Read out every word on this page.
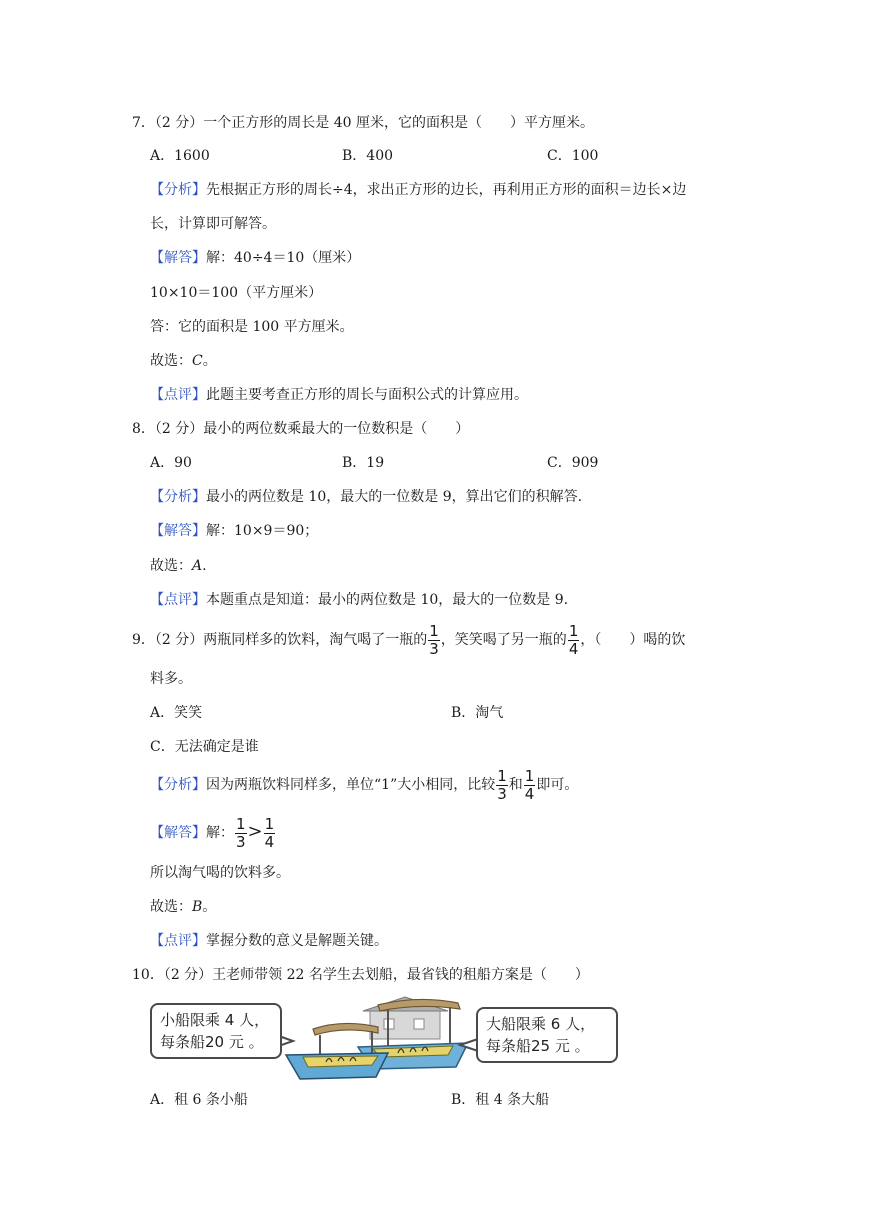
7．（2 分）一个正方形的周长是 40 厘米，它的面积是（　　）平方厘米。
A．1600	B．400	C．100
【分析】先根据正方形的周长÷4，求出正方形的边长，再利用正方形的面积＝边长×边
长，计算即可解答。
【解答】解：40÷4＝10（厘米）
10×10＝100（平方厘米）
答：它的面积是 100 平方厘米。
故选：C。
【点评】此题主要考查正方形的周长与面积公式的计算应用。
8．（2 分）最小的两位数乘最大的一位数积是（　　）
A．90	B．19	C．909
【分析】最小的两位数是 10，最大的一位数是 9，算出它们的积解答.
【解答】解：10×9＝90；
故选：A.
【点评】本题重点是知道：最小的两位数是 10，最大的一位数是 9.
9．（2 分）两瓶同样多的饮料，淘气喝了一瓶的 $\frac{1}{3}$ ，笑笑喝了另一瓶的 $\frac{1}{4}$ ，（　　）喝的饮
料多。
A．笑笑	B．淘气
C．无法确定是谁
【分析】因为两瓶饮料同样多，单位“1”大小相同，比较 $\frac{1}{3}$ 和 $\frac{1}{4}$ 即可。
【解答】解： $\frac{1}{3} > \frac{1}{4}$
所以淘气喝的饮料多。
故选：B。
【点评】掌握分数的意义是解题关键。
10．（2 分）王老师带领 22 名学生去划船，最省钱的租船方案是（　　）
小船限乘 4 人，
每条船20 元 。
大船限乘 6 人，
每条船25 元 。
A．租 6 条小船	B．租 4 条大船
